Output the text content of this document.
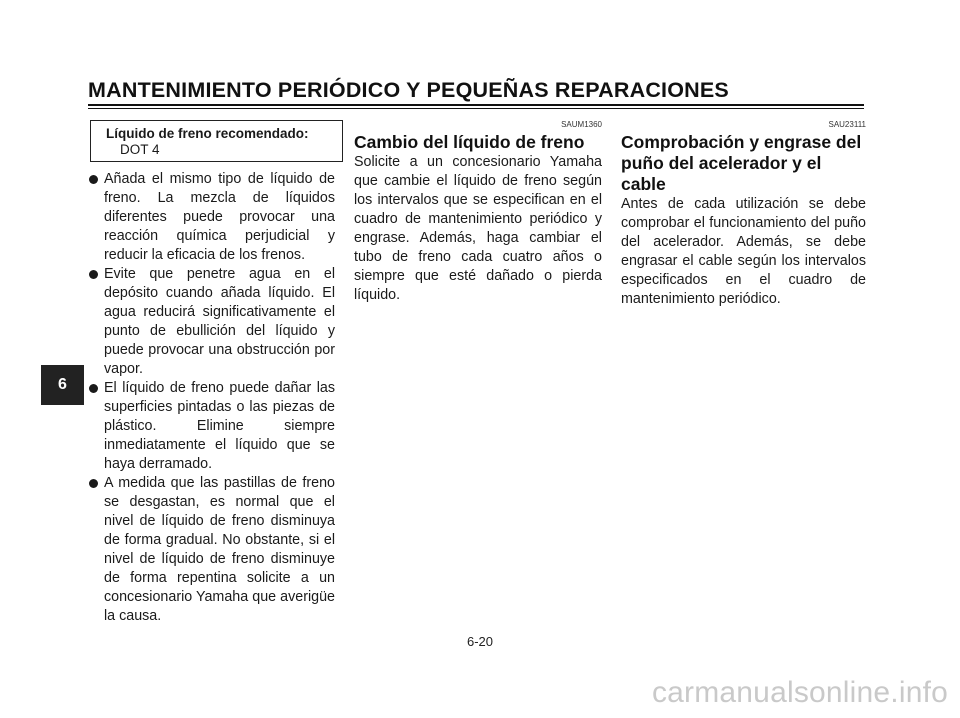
MANTENIMIENTO PERIÓDICO Y PEQUEÑAS REPARACIONES
6
Líquido de freno recomendado:
DOT 4
Añada el mismo tipo de líquido de freno. La mezcla de líquidos diferentes puede provocar una reacción química perjudicial y reducir la eficacia de los frenos.
Evite que penetre agua en el depósito cuando añada líquido. El agua reducirá significativamente el punto de ebullición del líquido y puede provocar una obstrucción por vapor.
El líquido de freno puede dañar las superficies pintadas o las piezas de plástico. Elimine siempre inmediatamente el líquido que se haya derramado.
A medida que las pastillas de freno se desgastan, es normal que el nivel de líquido de freno disminuya de forma gradual. No obstante, si el nivel de líquido de freno disminuye de forma repentina solicite a un concesionario Yamaha que averigüe la causa.
SAUM1360
Cambio del líquido de freno
Solicite a un concesionario Yamaha que cambie el líquido de freno según los intervalos que se especifican en el cuadro de mantenimiento periódico y engrase. Además, haga cambiar el tubo de freno cada cuatro años o siempre que esté dañado o pierda líquido.
SAU23111
Comprobación y engrase del puño del acelerador y el cable
Antes de cada utilización se debe comprobar el funcionamiento del puño del acelerador. Además, se debe engrasar el cable según los intervalos especificados en el cuadro de mantenimiento periódico.
6-20
carmanualsonline.info
